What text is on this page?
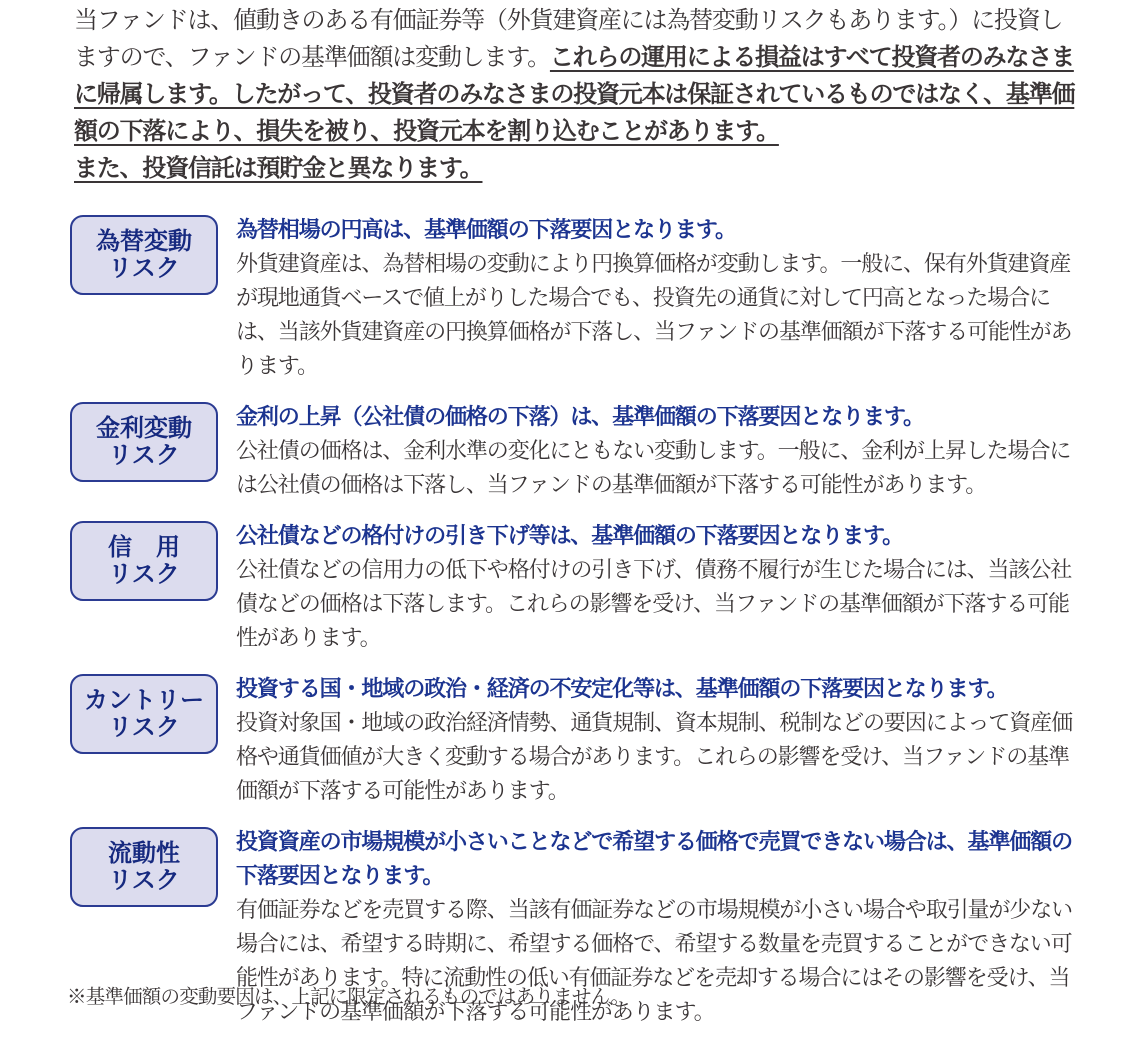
当ファンドは、値動きのある有価証券等（外貨建資産には為替変動リスクもあります。）に投資しますので、ファンドの基準価額は変動します。これらの運用による損益はすべて投資者のみなさまに帰属します。したがって、投資者のみなさまの投資元本は保証されているものではなく、基準価額の下落により、損失を被り、投資元本を割り込むことがあります。
また、投資信託は預貯金と異なります。
為替変動
リスク
為替相場の円高は、基準価額の下落要因となります。
外貨建資産は、為替相場の変動により円換算価格が変動します。一般に、保有外貨建資産が現地通貨ベースで値上がりした場合でも、投資先の通貨に対して円高となった場合には、当該外貨建資産の円換算価格が下落し、当ファンドの基準価額が下落する可能性があります。
金利変動
リスク
金利の上昇（公社債の価格の下落）は、基準価額の下落要因となります。
公社債の価格は、金利水準の変化にともない変動します。一般に、金利が上昇した場合には公社債の価格は下落し、当ファンドの基準価額が下落する可能性があります。
信　用
リスク
公社債などの格付けの引き下げ等は、基準価額の下落要因となります。
公社債などの信用力の低下や格付けの引き下げ、債務不履行が生じた場合には、当該公社債などの価格は下落します。これらの影響を受け、当ファンドの基準価額が下落する可能性があります。
カントリー
リスク
投資する国・地域の政治・経済の不安定化等は、基準価額の下落要因となります。
投資対象国・地域の政治経済情勢、通貨規制、資本規制、税制などの要因によって資産価格や通貨価値が大きく変動する場合があります。これらの影響を受け、当ファンドの基準価額が下落する可能性があります。
流動性
リスク
投資資産の市場規模が小さいことなどで希望する価格で売買できない場合は、基準価額の下落要因となります。
有価証券などを売買する際、当該有価証券などの市場規模が小さい場合や取引量が少ない場合には、希望する時期に、希望する価格で、希望する数量を売買することができない可能性があります。特に流動性の低い有価証券などを売却する場合にはその影響を受け、当ファンドの基準価額が下落する可能性があります。
※基準価額の変動要因は、上記に限定されるものではありません。
